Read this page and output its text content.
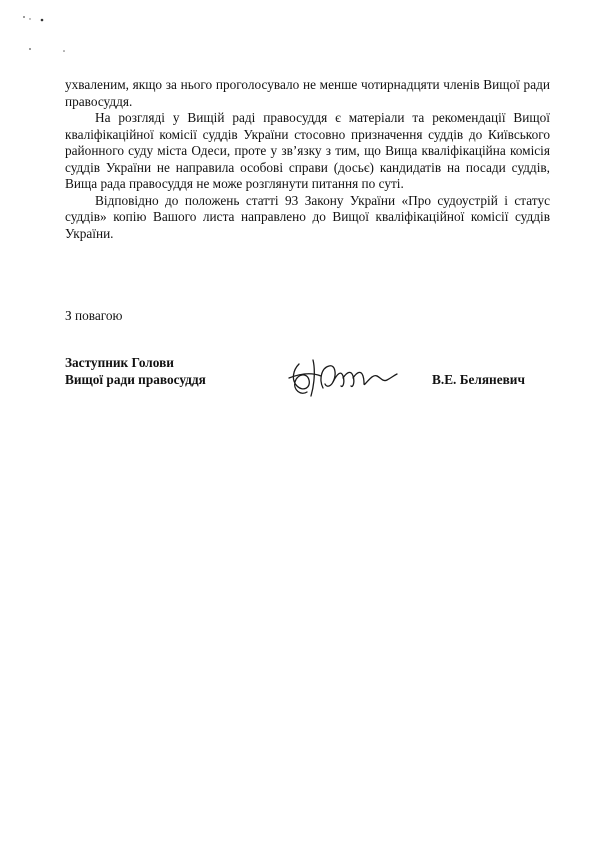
ухваленим, якщо за нього проголосувало не менше чотирнадцяти членів Вищої ради правосуддя.

На розгляді у Вищій раді правосуддя є матеріали та рекомендації Вищої кваліфікаційної комісії суддів України стосовно призначення суддів до Київського районного суду міста Одеси, проте у зв’язку з тим, що Вища кваліфікаційна комісія суддів України не направила особові справи (досьє) кандидатів на посади суддів, Вища рада правосуддя не може розглянути питання по суті.

Відповідно до положень статті 93 Закону України «Про судоустрій і статус суддів» копію Вашого листа направлено до Вищої кваліфікаційної комісії суддів України.

З повагою
Заступник Голови
Вищої ради правосуддя	В.Е. Беляневич
